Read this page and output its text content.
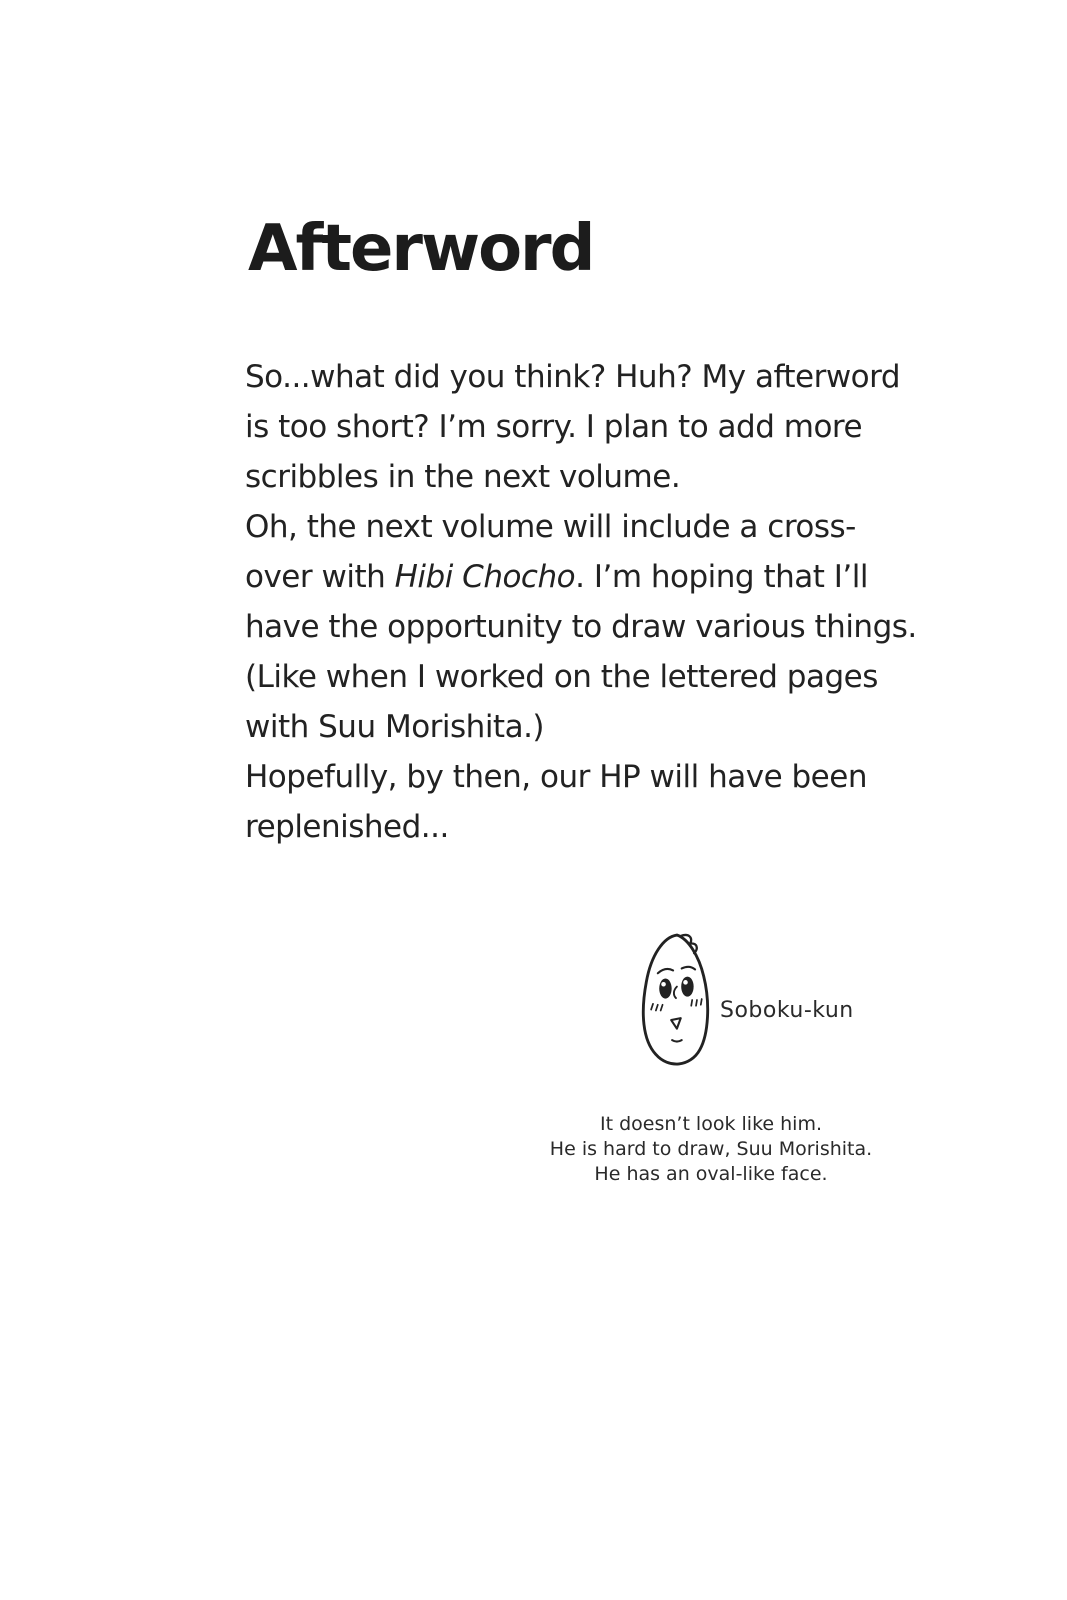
Afterword
So...what did you think? Huh? My afterword
is too short? I’m sorry. I plan to add more
scribbles in the next volume.
Oh, the next volume will include a cross-
over with Hibi Chocho. I’m hoping that I’ll
have the opportunity to draw various things.
(Like when I worked on the lettered pages
with Suu Morishita.)
Hopefully, by then, our HP will have been
replenished...
Soboku-kun
It doesn’t look like him.
He is hard to draw, Suu Morishita.
He has an oval-like face.
